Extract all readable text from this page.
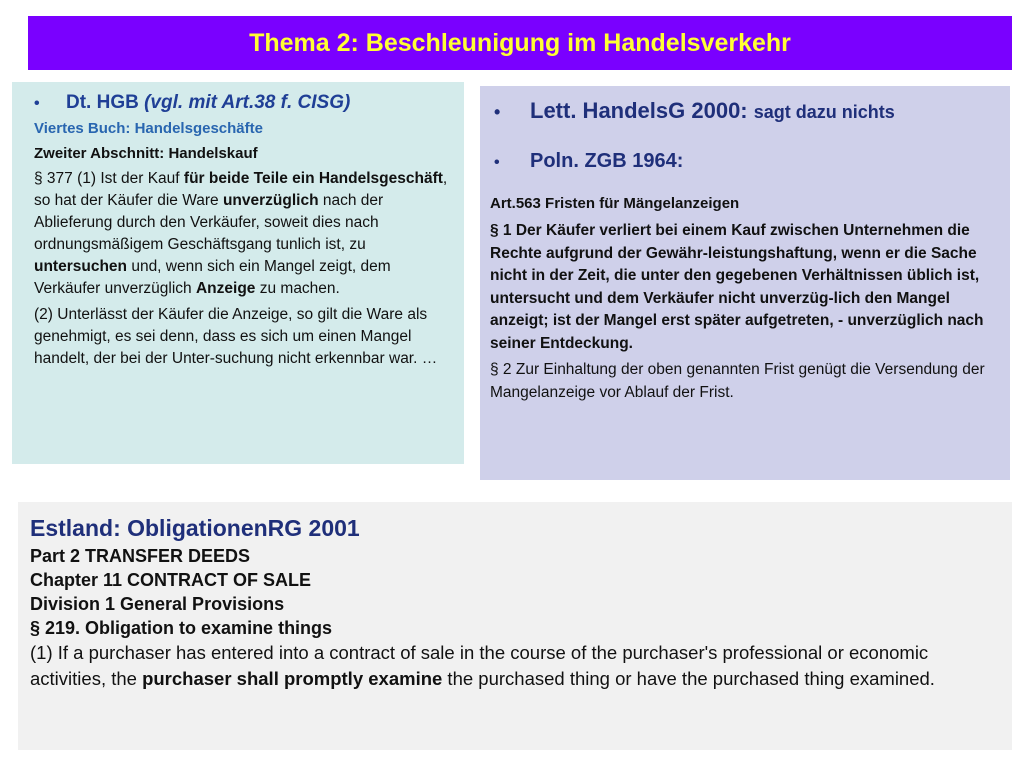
Thema 2: Beschleunigung im Handelsverkehr
•	Dt. HGB (vgl. mit Art.38 f. CISG)

Viertes Buch: Handelsgeschäfte

Zweiter Abschnitt: Handelskauf

§ 377 (1) Ist der Kauf für beide Teile ein Handelsgeschäft, so hat der Käufer die Ware unverzüglich nach der Ablieferung durch den Verkäufer, soweit dies nach ordnungsmäßigem Geschäftsgang tunlich ist, zu untersuchen und, wenn sich ein Mangel zeigt, dem Verkäufer unverzüglich Anzeige zu machen.

(2) Unterlässt der Käufer die Anzeige, so gilt die Ware als genehmigt, es sei denn, dass es sich um einen Mangel handelt, der bei der Unter-suchung nicht erkennbar war. …

•	Lett. HandelsG 2000: sagt dazu nichts
•	Poln. ZGB 1964:

Art.563 Fristen für Mängelanzeigen

§ 1 Der Käufer verliert bei einem Kauf zwischen Unternehmen die Rechte aufgrund der Gewähr-leistungshaftung, wenn er die Sache nicht in der Zeit, die unter den gegebenen Verhältnissen üblich ist, untersucht und dem Verkäufer nicht unverzüg-lich den Mangel anzeigt; ist der Mangel erst später aufgetreten, - unverzüglich nach seiner Entdeckung.

§ 2 Zur Einhaltung der oben genannten Frist genügt die Versendung der Mangelanzeige vor Ablauf der Frist.

Estland: ObligationenRG 2001

Part 2 TRANSFER DEEDS

Chapter 11 CONTRACT OF SALE

Division 1 General Provisions

§ 219. Obligation to examine things

(1) If a purchaser has entered into a contract of sale in the course of the purchaser's professional or economic activities, the purchaser shall promptly examine the purchased thing or have the purchased thing examined.
